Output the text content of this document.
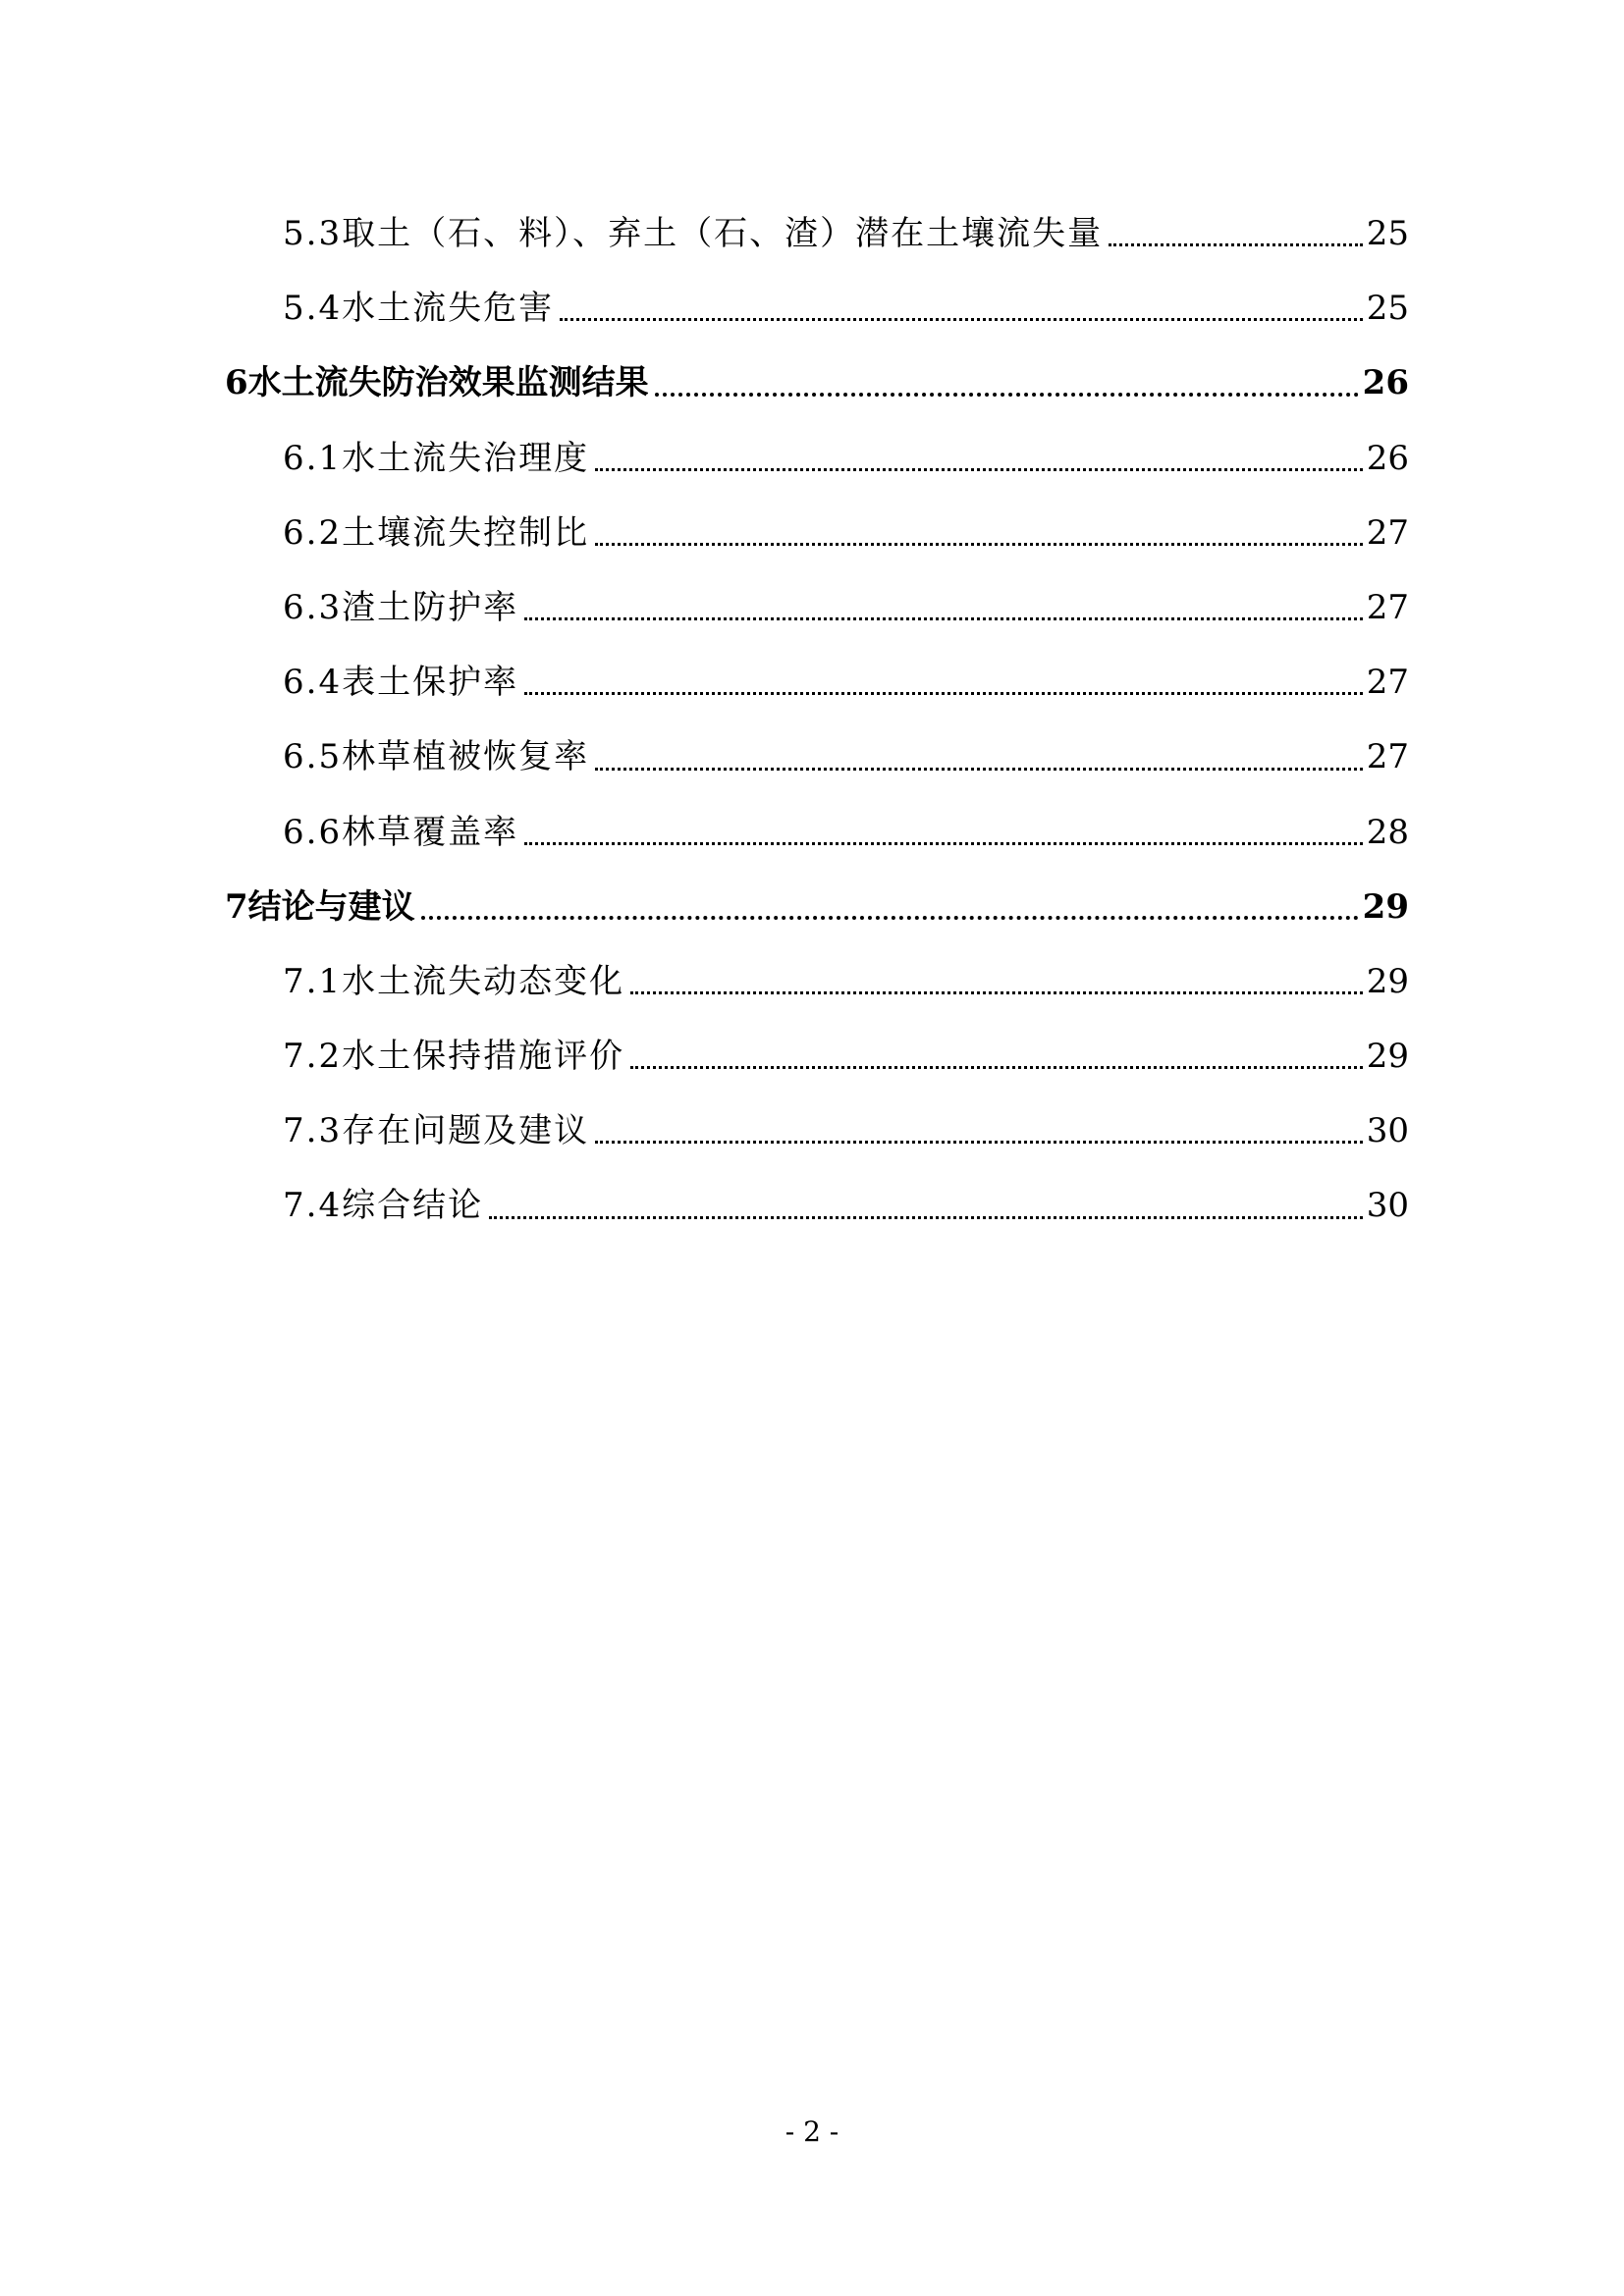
5.3 取土（石、料）、弃土（石、渣）潜在土壤流失量	25
5.4 水土流失危害	25
6 水土流失防治效果监测结果	26
6.1 水土流失治理度	26
6.2 土壤流失控制比	27
6.3 渣土防护率	27
6.4 表土保护率	27
6.5 林草植被恢复率	27
6.6 林草覆盖率	28
7 结论与建议	29
7.1 水土流失动态变化	29
7.2 水土保持措施评价	29
7.3 存在问题及建议	30
7.4 综合结论	30
- 2 -
